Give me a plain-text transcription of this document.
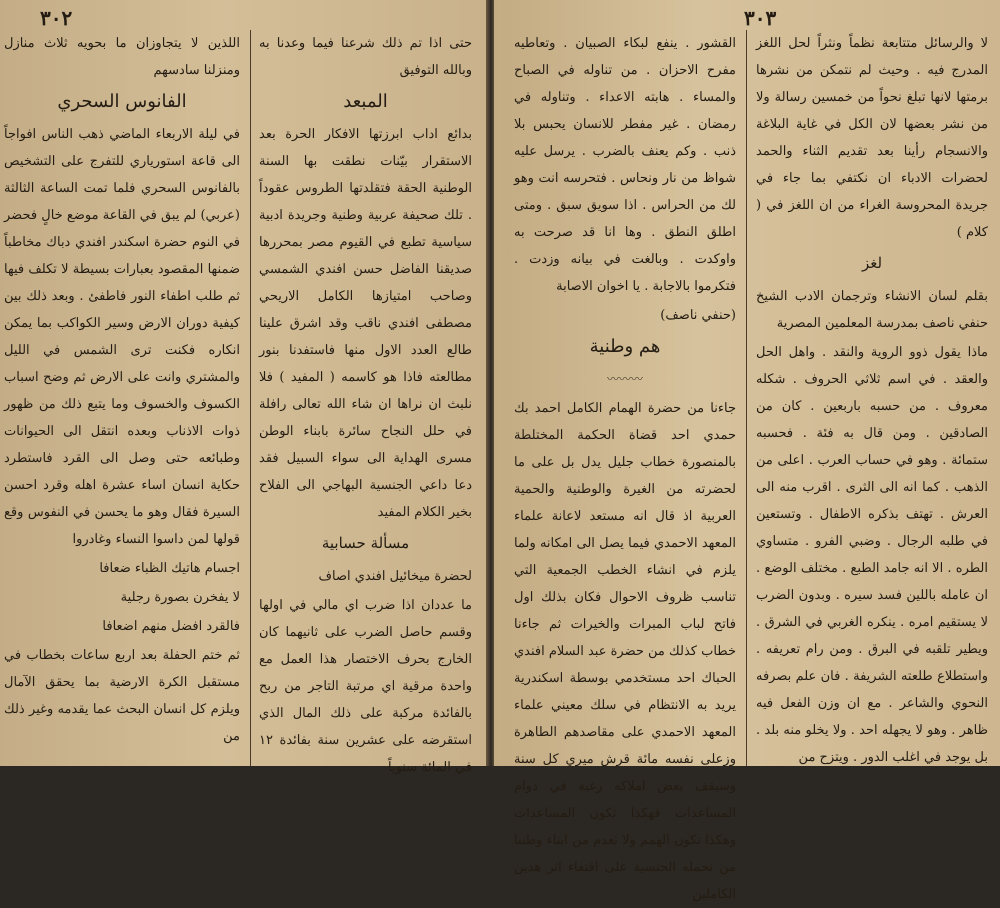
٣٠٢

حتى اذا تم ذلك شرعنا فيما وعدنا به وبالله التوفيق

المبعد

بدائع اداب ابرزتها الافكار الحرة بعد الاستقرار بيّنات نطقت بها السنة الوطنية الحقة فتقلدتها الطروس عقوداً . تلك صحيفة عربية وطنية وجريدة ادبية سياسية تطبع في القيوم مصر بمحررها صديقنا الفاضل حسن افندي الشمسي وصاحب امتيازها الكامل الاريحي مصطفى افندي ناقب وقد اشرق علينا طالع العدد الاول منها فاستفدنا بنور مطالعته فاذا هو كاسمه ( المفيد ) فلا نلبث ان نراها ان شاء الله تعالى رافلة في حلل النجاح سائرة بابناء الوطن مسرى الهداية الى سواء السبيل فقد دعا داعي الجنسية البهاجي الى الفلاح بخير الكلام المفيد

مسألة حسابية

لحضرة ميخائيل افندي اصاف

ما عددان اذا ضرب اي مالي في اولها وقسم حاصل الضرب على ثانيهما كان الخارج بحرف الاختصار هذا العمل مع واحدة مرقية اي مرتبة التاجر من ربح بالفائدة مركبة على ذلك المال الذي استقرضه على عشرين سنة بفائدة ١٢ في المائة سنوياً

اللذين لا يتجاوزان ما بحويه ثلاث منازل ومنزلنا سادسهم

الفانوس السحري

في ليلة الاربعاء الماضي ذهب الناس افواجاً الى قاعة استورياري للتفرج على التشخيص بالفانوس السحري فلما تمت الساعة الثالثة (عربي) لم يبق في القاعة موضع خالٍ فحضر في النوم حضرة اسكندر افندي دباك مخاطباً ضمنها المقصود بعبارات بسيطة لا تكلف فيها ثم طلب اطفاء النور فاطفئ . وبعد ذلك بين كيفية دوران الارض وسير الكواكب بما يمكن انكاره فكنت ترى الشمس في الليل والمشتري وانت على الارض ثم وضح اسباب الكسوف والخسوف وما يتبع ذلك من ظهور ذوات الاذناب وبعده انتقل الى الحيوانات وطبائعه حتى وصل الى القرد فاستطرد حكاية انسان اساء عشرة اهله وقرد احسن السيرة فقال وهو ما يحسن في النفوس وقع قولها لمن داسوا النساء وغادروا

اجسام هاتيك الظباء ضعافا

لا يفخرن بصورة رجلية

فالقرد افضل منهم اضعافا

ثم ختم الحفلة بعد اربع ساعات بخطاب في مستقبل الكرة الارضية بما يحقق الآمال ويلزم كل انسان البحث عما يقدمه وغير ذلك من

٣٠٣

لا والرسائل متتابعة نظماً ونثراً لحل اللغز المدرج فيه . وحيث لم نتمكن من نشرها برمتها لانها تبلغ نحواً من خمسين رسالة ولا من نشر بعضها لان الكل في غاية البلاغة والانسجام رأينا بعد تقديم الثناء والحمد لحضرات الادباء ان نكتفي بما جاء في جريدة المحروسة الغراء من ان اللغز في ( كلام )

لغز

بقلم لسان الانشاء وترجمان الادب الشيخ حنفي ناصف بمدرسة المعلمين المصرية

ماذا يقول ذوو الروية والنقد . واهل الحل والعقد . في اسم ثلاثي الحروف . شكله معروف . من حسبه باربعين . كان من الصادقين . ومن قال به فئة . فحسبه ستمائة . وهو في حساب العرب . اعلى من الذهب . كما انه الى الثرى . اقرب منه الى العرش . تهتف بذكره الاطفال . وتستعين في طلبه الرجال . وضبي الفرو . متساوي الطره . الا انه جامد الطبع . مختلف الوضع . ان عامله باللين فسد سيره . وبدون الضرب لا يستقيم امره . ينكره الغربي في الشرق . ويطير تلقبه في البرق . ومن رام تعريفه . واستطلاع طلعته الشريفة . فان علم بصرفه النحوي والشاعر . مع ان وزن الفعل فيه ظاهر . وهو لا يجهله احد . ولا يخلو منه بلد . بل يوجد في اغلب الدور . ويتزح من

القشور . ينفع لبكاء الصبيان . وتعاطيه مفرح الاحزان . من تناوله في الصباح والمساء . هابته الاعداء . وتناوله في رمضان . غير مفطر للانسان يحبس بلا ذنب . وكم يعنف بالضرب . يرسل عليه شواظ من نار ونحاس . فتحرسه انت وهو لك من الحراس . اذا سويق سبق . ومتى اطلق النطق . وها انا قد صرحت به واوكدت . وبالغت في بيانه وزدت . فتكرموا بالاجابة . يا اخوان الاصابة

(حنفي ناصف)

هم وطنية
〰〰〰

جاءنا من حضرة الهمام الكامل احمد بك حمدي احد قضاة الحكمة المختلطة بالمنصورة خطاب جليل يدل بل على ما لحضرته من الغيرة والوطنية والحمية العربية اذ قال انه مستعد لاعانة علماء المعهد الاحمدي فيما يصل الى امكانه ولما يلزم في انشاء الخطب الجمعية التي تناسب ظروف الاحوال فكان بذلك اول فاتح لباب المبرات والخيرات ثم جاءنا خطاب كذلك من حضرة عبد السلام افندي الحباك احد مستخدمي بوسطة اسكندرية يريد به الانتظام في سلك معيني علماء المعهد الاحمدي على مقاصدهم الطاهرة وزعلى نفسه مائة قرش ميري كل سنة وسيقف بعض املاكه رغبة في دوام المساعدات فهكذا تكون المساعدات وهكذا تكون الهمم ولا نعدم من ابناء وطننا من تحمله الجنسية على اقتفاء اثر هذين الكاملين
